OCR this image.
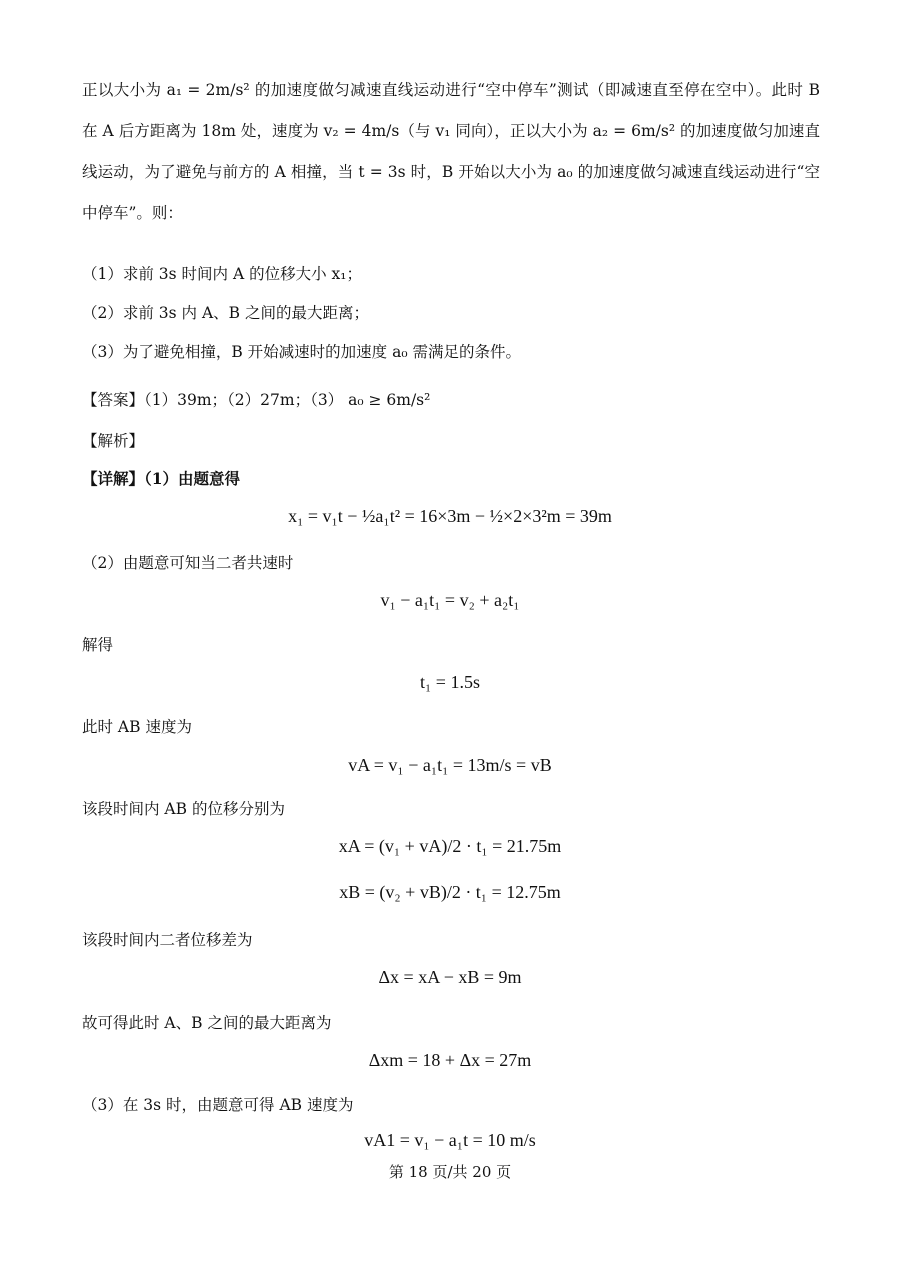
正以大小为 a₁ = 2m/s² 的加速度做匀减速直线运动进行“空中停车”测试（即减速直至停在空中）。此时 B 在 A 后方距离为 18m 处，速度为 v₂ = 4m/s（与 v₁ 同向），正以大小为 a₂ = 6m/s² 的加速度做匀加速直线运动，为了避免与前方的 A 相撞，当 t = 3s 时，B 开始以大小为 a₀ 的加速度做匀减速直线运动进行“空中停车”。则：
（1）求前 3s 时间内 A 的位移大小 x₁；
（2）求前 3s 内 A、B 之间的最大距离；
（3）为了避免相撞，B 开始减速时的加速度 a₀ 需满足的条件。
【答案】（1）39m；（2）27m；（3） a₀ ≥ 6m/s²
【解析】
【详解】（1）由题意得
x₁ = v₁t − ½a₁t² = 16×3m − ½×2×3²m = 39m
（2）由题意可知当二者共速时
v₁ − a₁t₁ = v₂ + a₂t₁
解得
t₁ = 1.5s
此时 AB 速度为
vA = v₁ − a₁t₁ = 13m/s = vB
该段时间内 AB 的位移分别为
xA = (v₁ + vA)/2 · t₁ = 21.75m
xB = (v₂ + vB)/2 · t₁ = 12.75m
该段时间内二者位移差为
Δx = xA − xB = 9m
故可得此时 A、B 之间的最大距离为
Δxm = 18 + Δx = 27m
（3）在 3s 时，由题意可得 AB 速度为
vA1 = v₁ − a₁t = 10 m/s
第 18 页/共 20 页
